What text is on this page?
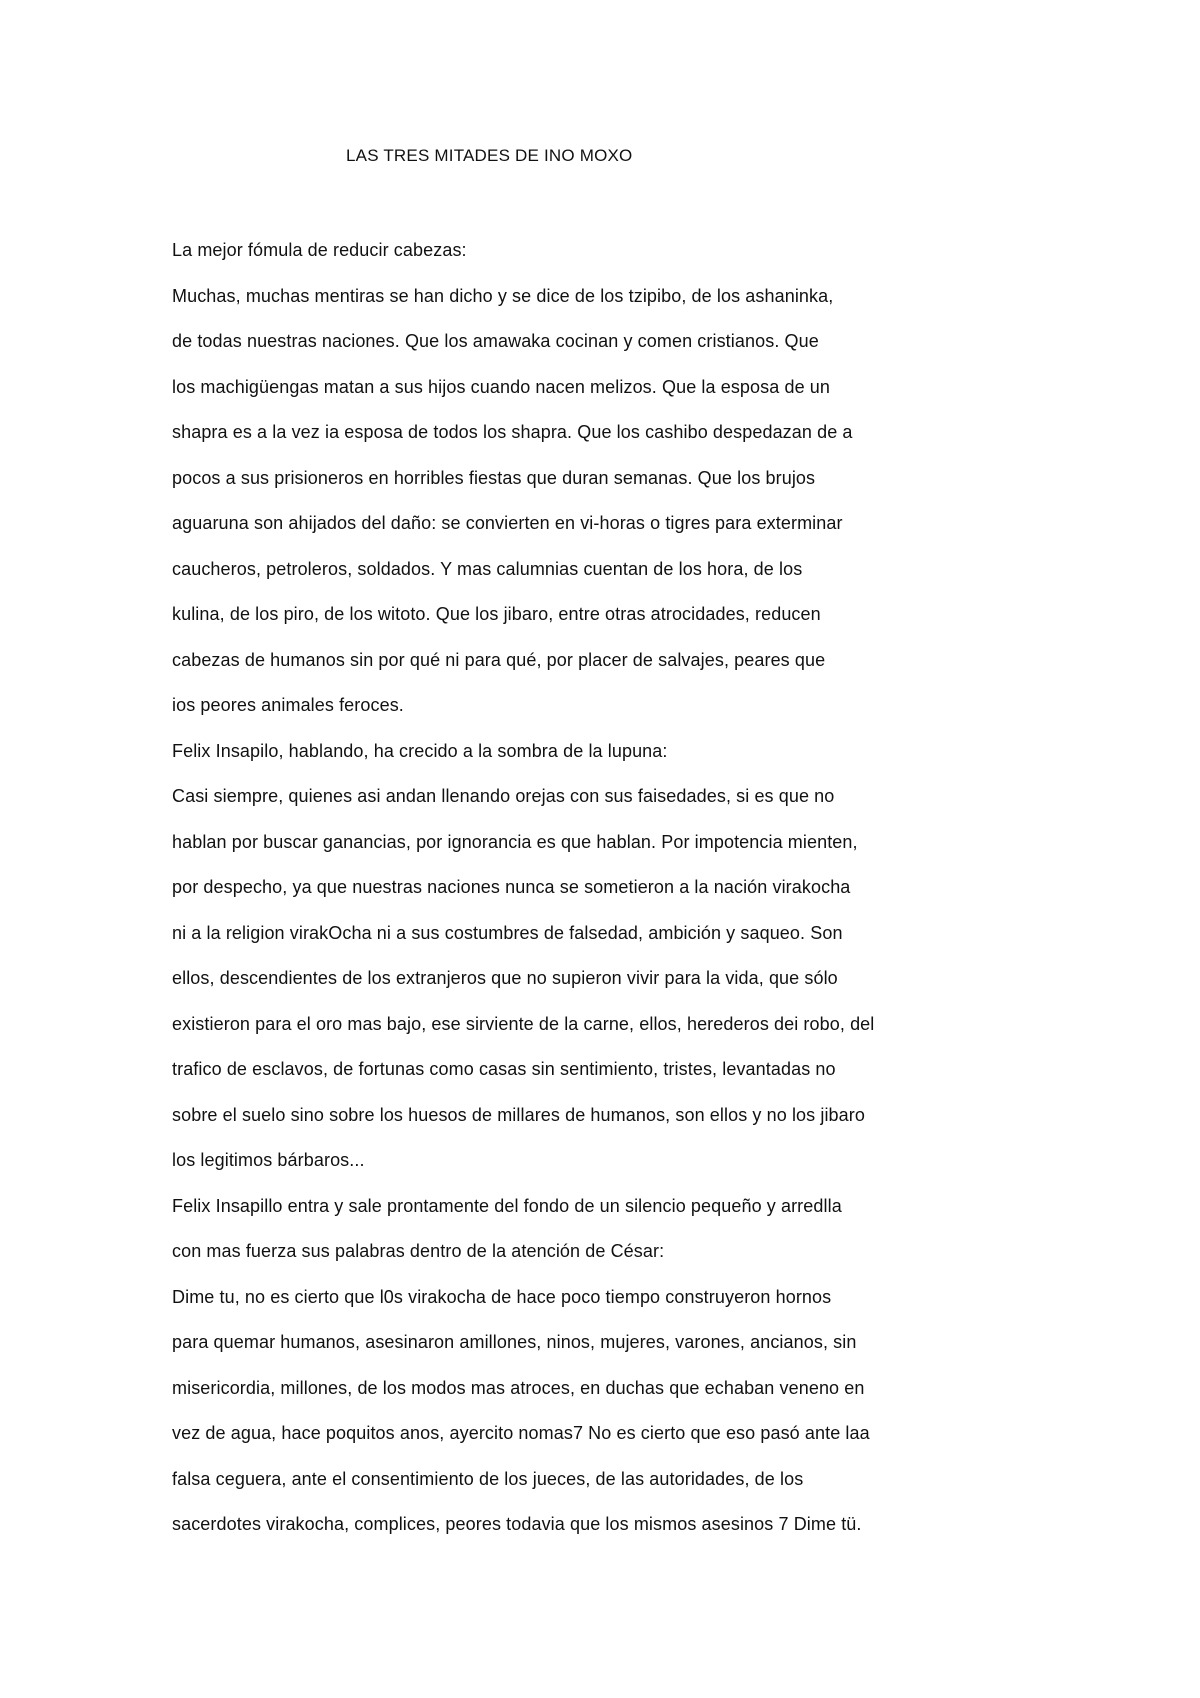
LAS TRES MITADES DE INO MOXO
La mejor fómula de reducir cabezas:
Muchas, muchas mentiras se han dicho y se dice de los tzipibo, de los ashaninka,
de todas nuestras naciones. Que los amawaka cocinan y comen cristianos. Que
los machigüengas matan a sus hijos cuando nacen melizos. Que la esposa de un
shapra es a la vez ia esposa de todos los shapra. Que los cashibo despedazan de a
pocos a sus prisioneros en horribles fiestas que duran semanas. Que los brujos
aguaruna son ahijados del daño: se convierten en vi-horas o tigres para exterminar
caucheros, petroleros, soldados. Y mas calumnias cuentan de los hora, de los
kulina, de los piro, de los witoto. Que los jibaro, entre otras atrocidades, reducen
cabezas de humanos sin por qué ni para qué, por placer de salvajes, peares que
ios peores animales feroces.
Felix Insapilo, hablando, ha crecido a la sombra de la lupuna:
Casi siempre, quienes asi andan llenando orejas con sus faisedades, si es que no
hablan por buscar ganancias, por ignorancia es que hablan. Por impotencia mienten,
por despecho, ya que nuestras naciones nunca se sometieron a la nación virakocha
ni a la religion virakOcha ni a sus costumbres de falsedad, ambición y saqueo. Son
ellos, descendientes de los extranjeros que no supieron vivir para la vida, que sólo
existieron para el oro mas bajo, ese sirviente de la carne, ellos, herederos dei robo, del
trafico de esclavos, de fortunas como casas sin sentimiento, tristes, levantadas no
sobre el suelo sino sobre los huesos de millares de humanos, son ellos y no los jibaro
los legitimos bárbaros...
Felix Insapillo entra y sale prontamente del fondo de un silencio pequeño y arredlla
con mas fuerza sus palabras dentro de la atención de César:
Dime tu, no es cierto que l0s virakocha de hace poco tiempo construyeron hornos
para quemar humanos, asesinaron amillones, ninos, mujeres, varones, ancianos, sin
misericordia, millones, de los modos mas atroces, en duchas que echaban veneno en
vez de agua, hace poquitos anos, ayercito nomas7 No es cierto que eso pasó ante laa
falsa ceguera, ante el consentimiento de los jueces, de las autoridades, de los
sacerdotes virakocha, complices, peores todavia que los mismos asesinos 7 Dime tü.
